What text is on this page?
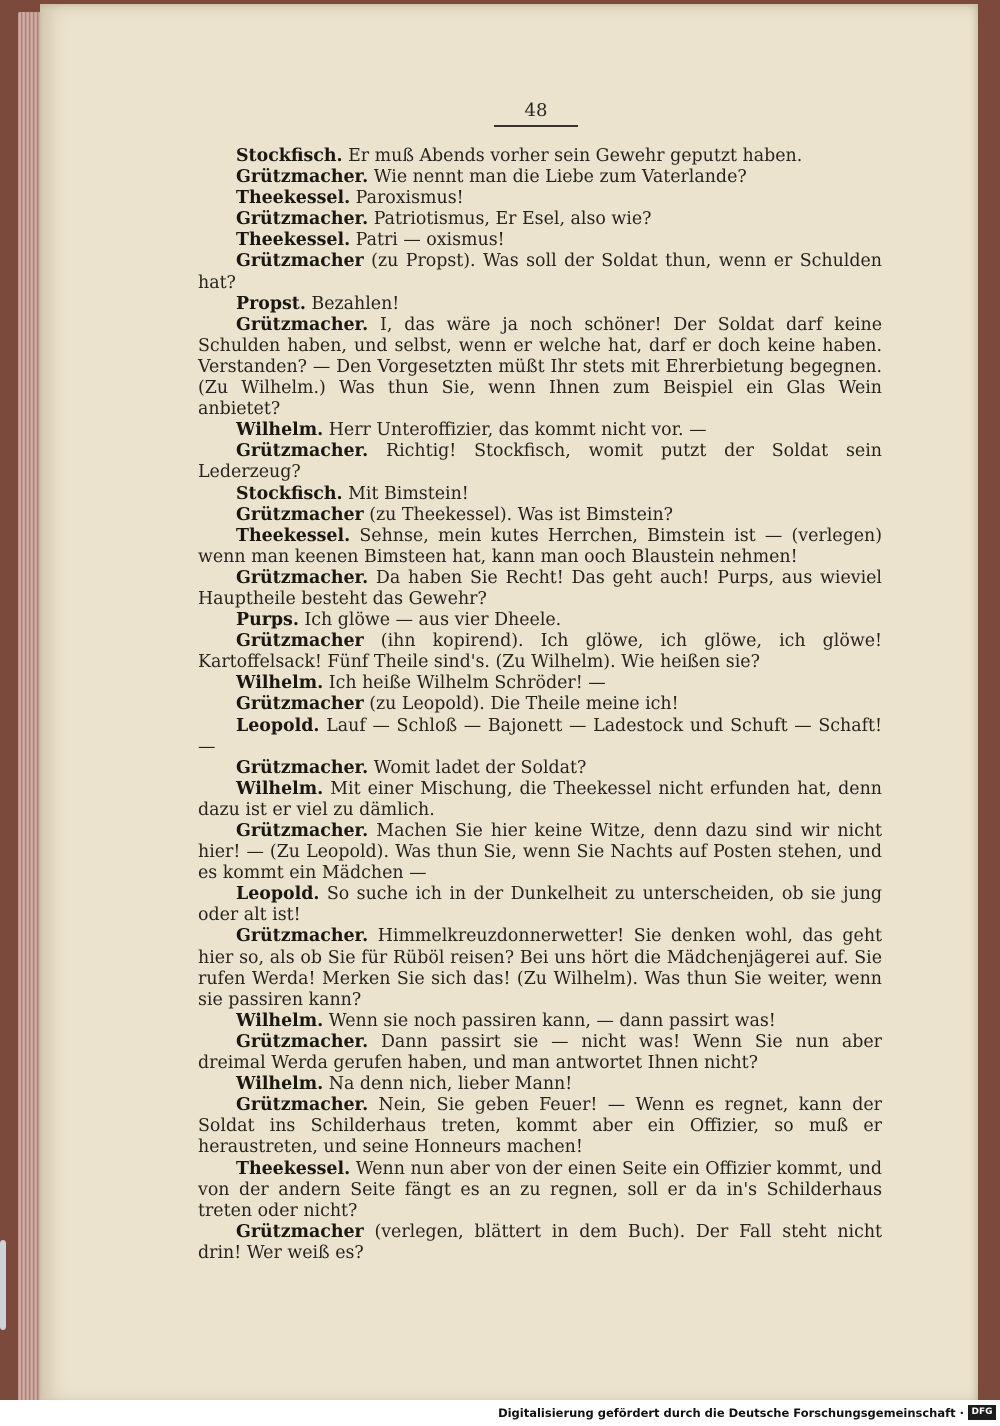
48

Stockfisch. Er muß Abends vorher sein Gewehr geputzt haben.

Grützmacher. Wie nennt man die Liebe zum Vaterlande?

Theekessel. Paroxismus!

Grützmacher. Patriotismus, Er Esel, also wie?

Theekessel. Patri — oxismus!

Grützmacher (zu Propst). Was soll der Soldat thun, wenn er Schulden hat?

Propst. Bezahlen!

Grützmacher. I, das wäre ja noch schöner! Der Soldat darf keine Schulden haben, und selbst, wenn er welche hat, darf er doch keine haben. Verstanden? — Den Vorgesetzten müßt Ihr stets mit Ehrerbietung begegnen. (Zu Wilhelm.) Was thun Sie, wenn Ihnen zum Beispiel ein Glas Wein anbietet?

Wilhelm. Herr Unteroffizier, das kommt nicht vor. —

Grützmacher. Richtig! Stockfisch, womit putzt der Soldat sein Lederzeug?

Stockfisch. Mit Bimstein!

Grützmacher (zu Theekessel). Was ist Bimstein?

Theekessel. Sehnse, mein kutes Herrchen, Bimstein ist — (verlegen) wenn man keenen Bimsteen hat, kann man ooch Blaustein nehmen!

Grützmacher. Da haben Sie Recht! Das geht auch! Purps, aus wieviel Hauptheile besteht das Gewehr?

Purps. Ich glöwe — aus vier Dheele.

Grützmacher (ihn kopirend). Ich glöwe, ich glöwe, ich glöwe! Kartoffelsack! Fünf Theile sind's. (Zu Wilhelm). Wie heißen sie?

Wilhelm. Ich heiße Wilhelm Schröder! —

Grützmacher (zu Leopold). Die Theile meine ich!

Leopold. Lauf — Schloß — Bajonett — Ladestock und Schuft — Schaft! —

Grützmacher. Womit ladet der Soldat?

Wilhelm. Mit einer Mischung, die Theekessel nicht erfunden hat, denn dazu ist er viel zu dämlich.

Grützmacher. Machen Sie hier keine Witze, denn dazu sind wir nicht hier! — (Zu Leopold). Was thun Sie, wenn Sie Nachts auf Posten stehen, und es kommt ein Mädchen —

Leopold. So suche ich in der Dunkelheit zu unterscheiden, ob sie jung oder alt ist!

Grützmacher. Himmelkreuzdonnerwetter! Sie denken wohl, das geht hier so, als ob Sie für Rüböl reisen? Bei uns hört die Mädchenjägerei auf. Sie rufen Werda! Merken Sie sich das! (Zu Wilhelm). Was thun Sie weiter, wenn sie passiren kann?

Wilhelm. Wenn sie noch passiren kann, — dann passirt was!

Grützmacher. Dann passirt sie — nicht was! Wenn Sie nun aber dreimal Werda gerufen haben, und man antwortet Ihnen nicht?

Wilhelm. Na denn nich, lieber Mann!

Grützmacher. Nein, Sie geben Feuer! — Wenn es regnet, kann der Soldat ins Schilderhaus treten, kommt aber ein Offizier, so muß er heraustreten, und seine Honneurs machen!

Theekessel. Wenn nun aber von der einen Seite ein Offizier kommt, und von der andern Seite fängt es an zu regnen, soll er da in's Schilderhaus treten oder nicht?

Grützmacher (verlegen, blättert in dem Buch). Der Fall steht nicht drin! Wer weiß es?

Digitalisierung gefördert durch die Deutsche Forschungsgemeinschaft · DFG
